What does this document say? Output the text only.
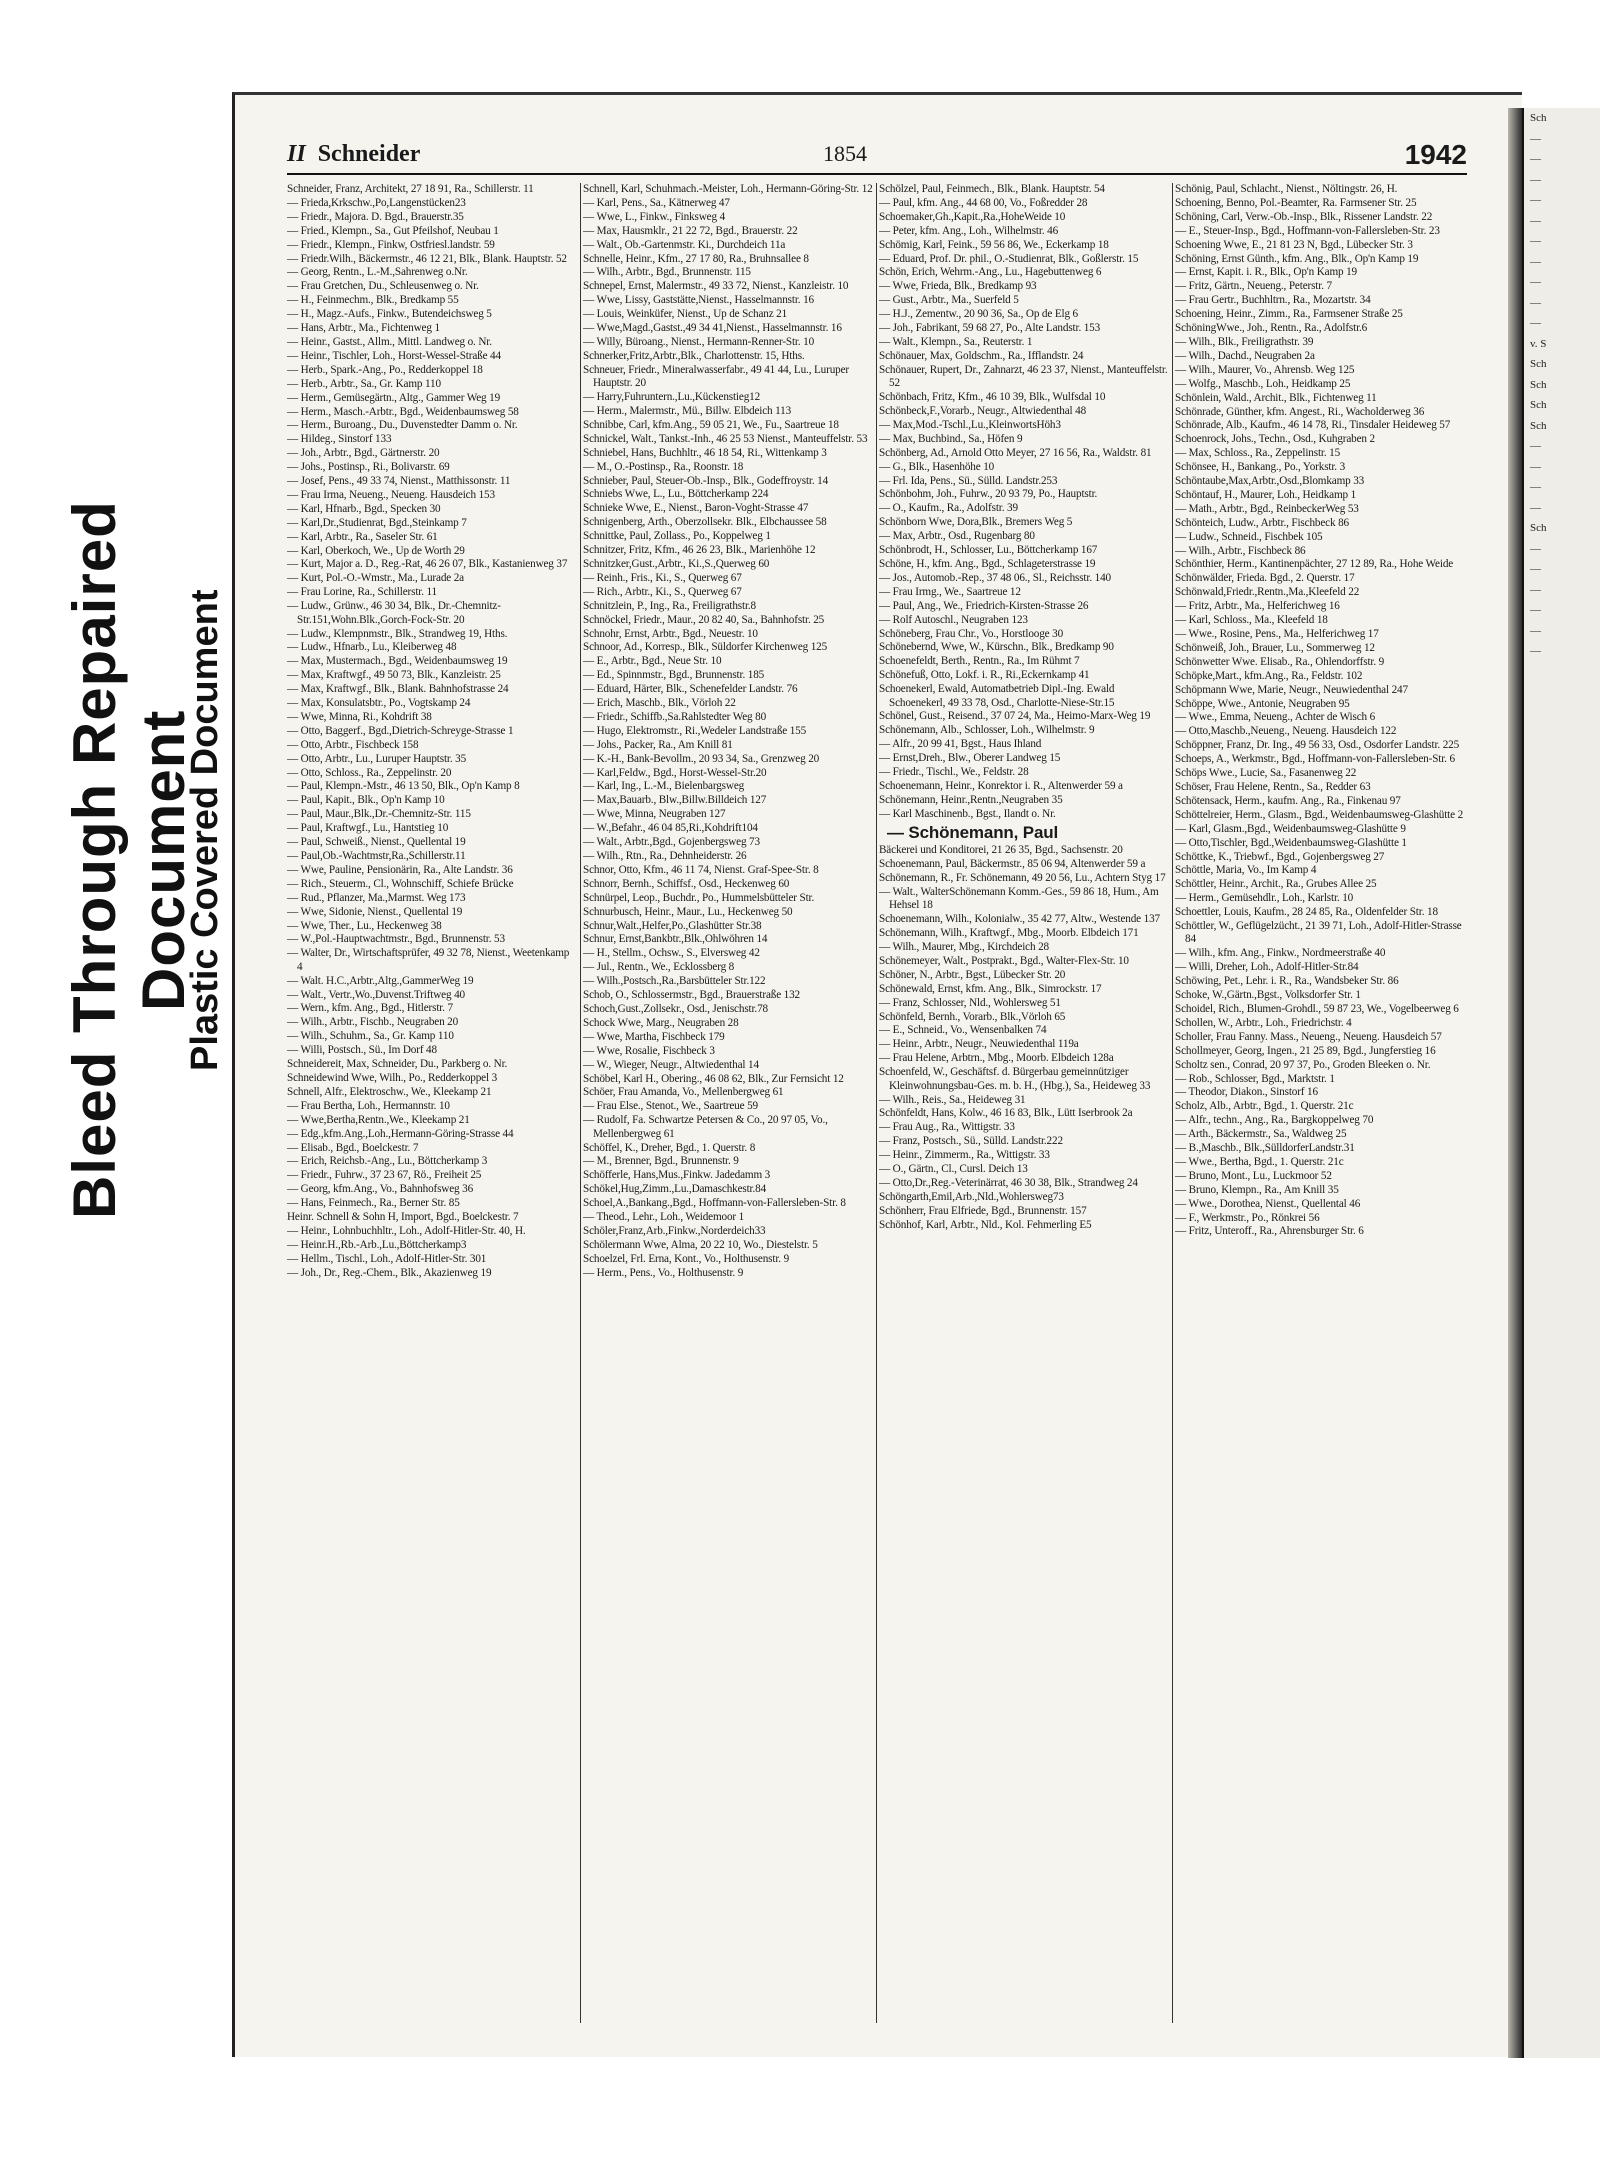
Bleed Through Repaired Document
Plastic Covered Document
II Schneider	1854	1942
Schneider, Franz, Architekt, 27 18 91, Ra., Schillerstr. 11
— Frieda,Krkschw.,Po,Langenstücken23
— Friedr., Majora. D. Bgd., Brauerstr.35
— Fried., Klempn., Sa., Gut Pfeilshof, Neubau 1
— Friedr., Klempn., Finkw, Ostfriesl.landstr. 59
— Friedr.Wilh., Bäckermstr., 46 12 21, Blk., Blank. Hauptstr. 52
— Georg, Rentn., L.-M.,Sahrenweg o.Nr.
— Frau Gretchen, Du., Schleusenweg o. Nr.
— H., Feinmechm., Blk., Bredkamp 55
— H., Magz.-Aufs., Finkw., Butendeichsweg 5
— Hans, Arbtr., Ma., Fichtenweg 1
— Heinr., Gastst., Allm., Mittl. Landweg o. Nr.
— Heinr., Tischler, Loh., Horst-Wessel-Straße 44
— Herb., Spark.-Ang., Po., Redderkoppel 18
— Herb., Arbtr., Sa., Gr. Kamp 110
— Herm., Gemüsegärtn., Altg., Gammer Weg 19
— Herm., Masch.-Arbtr., Bgd., Weidenbaumsweg 58
— Herm., Buroang., Du., Duvenstedter Damm o. Nr.
— Hildeg., Sinstorf 133
— Joh., Arbtr., Bgd., Gärtnerstr. 20
— Johs., Postinsp., Ri., Bolivarstr. 69
— Josef, Pens., 49 33 74, Nienst., Matthissonstr. 11
— Frau Irma, Neueng., Neueng. Hausdeich 153
— Karl, Hfnarb., Bgd., Specken 30
— Karl,Dr.,Studienrat, Bgd.,Steinkamp 7
— Karl, Arbtr., Ra., Saseler Str. 61
— Karl, Oberkoch, We., Up de Worth 29
— Kurt, Major a. D., Reg.-Rat, 46 26 07, Blk., Kastanienweg 37
— Kurt, Pol.-O.-Wmstr., Ma., Lurade 2a
— Frau Lorine, Ra., Schillerstr. 11
— Ludw., Grünw., 46 30 34, Blk., Dr.-Chemnitz-Str.151,Wohn.Blk.,Gorch-Fock-Str. 20
— Ludw., Klempnmstr., Blk., Strandweg 19, Hths.
— Ludw., Hfnarb., Lu., Kleiberweg 48
— Max, Mustermach., Bgd., Weidenbaumsweg 19
— Max, Kraftwgf., 49 50 73, Blk., Kanzleistr. 25
— Max, Kraftwgf., Blk., Blank. Bahnhofstrasse 24
— Max, Konsulatsbtr., Po., Vogtskamp 24
— Wwe, Minna, Ri., Kohdrift 38
— Otto, Baggerf., Bgd.,Dietrich-Schreyge-Strasse 1
— Otto, Arbtr., Fischbeck 158
— Otto, Arbtr., Lu., Luruper Hauptstr. 35
— Otto, Schloss., Ra., Zeppelinstr. 20
— Paul, Klempn.-Mstr., 46 13 50, Blk., Op'n Kamp 8
— Paul, Kapit., Blk., Op'n Kamp 10
— Paul, Maur.,Blk.,Dr.-Chemnitz-Str. 115
— Paul, Kraftwgf., Lu., Hantstieg 10
— Paul, Schweiß., Nienst., Quellental 19
— Paul,Ob.-Wachtmstr,Ra.,Schillerstr.11
— Wwe, Pauline, Pensionärin, Ra., Alte Landstr. 36
— Rich., Steuerm., Cl., Wohnschiff, Schiefe Brücke
— Rud., Pflanzer, Ma.,Marmst. Weg 173
— Wwe, Sidonie, Nienst., Quellental 19
— Wwe, Ther., Lu., Heckenweg 38
— W.,Pol.-Hauptwachtmstr., Bgd., Brunnenstr. 53
— Walter, Dr., Wirtschaftsprüfer, 49 32 78, Nienst., Weetenkamp 4
— Walt. H.C.,Arbtr.,Altg.,GammerWeg 19
— Walt., Vertr.,Wo.,Duvenst.Triftweg 40
— Wern., kfm. Ang., Bgd., Hitlerstr. 7
— Wilh., Arbtr., Fischb., Neugraben 20
— Wilh., Schuhm., Sa., Gr. Kamp 110
— Willi, Postsch., Sü., Im Dorf 48
Schneidereit, Max, Schneider, Du., Parkberg o. Nr.
Schneidewind Wwe, Wilh., Po., Redderkoppel 3
Schnell, Alfr., Elektroschw., We., Kleekamp 21
— Frau Bertha, Loh., Hermannstr. 10
— Wwe,Bertha,Rentn.,We., Kleekamp 21
— Edg.,kfm.Ang.,Loh.,Hermann-Göring-Strasse 44
— Elisab., Bgd., Boelckestr. 7
— Erich, Reichsb.-Ang., Lu., Böttcherkamp 3
— Friedr., Fuhrw., 37 23 67, Rö., Freiheit 25
— Georg, kfm.Ang., Vo., Bahnhofsweg 36
— Hans, Feinmech., Ra., Berner Str. 85
Heinr. Schnell & Sohn H, Import, Bgd., Boelckestr. 7
— Heinr., Lohnbuchhltr., Loh., Adolf-Hitler-Str. 40, H.
— Heinr.H.,Rb.-Arb.,Lu.,Böttcherkamp3
— Hellm., Tischl., Loh., Adolf-Hitler-Str. 301
— Joh., Dr., Reg.-Chem., Blk., Akazienweg 19
Schnell, Karl, Schuhmach.-Meister, Loh., Hermann-Göring-Str. 12
— Karl, Pens., Sa., Kätnerweg 47
— Wwe, L., Finkw., Finksweg 4
— Max, Hausmklr., 21 22 72, Bgd., Brauerstr. 22
— Walt., Ob.-Gartenmstr. Ki., Durchdeich 11a
Schnelle, Heinr., Kfm., 27 17 80, Ra., Bruhnsallee 8
— Wilh., Arbtr., Bgd., Brunnenstr. 115
Schnepel, Ernst, Malermstr., 49 33 72, Nienst., Kanzleistr. 10
— Wwe, Lissy, Gaststätte,Nienst., Hasselmannstr. 16
— Louis, Weinküfer, Nienst., Up de Schanz 21
— Wwe,Magd.,Gastst.,49 34 41,Nienst., Hasselmannstr. 16
— Willy, Büroang., Nienst., Hermann-Renner-Str. 10
Schnerker,Fritz,Arbtr.,Blk., Charlottenstr. 15, Hths.
Schneuer, Friedr., Mineralwasserfabr., 49 41 44, Lu., Luruper Hauptstr. 20
— Harry,Fuhruntern.,Lu.,Kückenstieg12
— Herm., Malermstr., Mü., Billw. Elbdeich 113
Schnibbe, Carl, kfm.Ang., 59 05 21, We., Fu., Saartreue 18
Schnickel, Walt., Tankst.-Inh., 46 25 53 Nienst., Manteuffelstr. 53
Schniebel, Hans, Buchhltr., 46 18 54, Ri., Wittenkamp 3
— M., O.-Postinsp., Ra., Roonstr. 18
Schnieber, Paul, Steuer-Ob.-Insp., Blk., Godeffroystr. 14
Schniebs Wwe, L., Lu., Böttcherkamp 224
Schnieke Wwe, E., Nienst., Baron-Voght-Strasse 47
Schnigenberg, Arth., Oberzollsekr. Blk., Elbchaussee 58
Schnittke, Paul, Zollass., Po., Koppelweg 1
Schnitzer, Fritz, Kfm., 46 26 23, Blk., Marienhöhe 12
Schnitzker,Gust.,Arbtr., Ki.,S.,Querweg 60
— Reinh., Fris., Ki., S., Querweg 67
— Rich., Arbtr., Ki., S., Querweg 67
Schnitzlein, P., Ing., Ra., Freiligrathstr.8
Schnöckel, Friedr., Maur., 20 82 40, Sa., Bahnhofstr. 25
Schnohr, Ernst, Arbtr., Bgd., Neuestr. 10
Schnoor, Ad., Korresp., Blk., Süldorfer Kirchenweg 125
— E., Arbtr., Bgd., Neue Str. 10
— Ed., Spinnmstr., Bgd., Brunnenstr. 185
— Eduard, Härter, Blk., Schenefelder Landstr. 76
— Erich, Maschb., Blk., Vörloh 22
— Friedr., Schiffb.,Sa.Rahlstedter Weg 80
— Hugo, Elektromstr., Ri.,Wedeler Landstraße 155
— Johs., Packer, Ra., Am Knill 81
— K.-H., Bank-Bevollm., 20 93 34, Sa., Grenzweg 20
— Karl,Feldw., Bgd., Horst-Wessel-Str.20
— Karl, Ing., L.-M., Bielenbargsweg
— Max,Bauarb., Blw.,Billw.Billdeich 127
— Wwe, Minna, Neugraben 127
— W.,Befahr., 46 04 85,Ri.,Kohdrift104
— Walt., Arbtr.,Bgd., Gojenbergsweg 73
— Wilh., Rtn., Ra., Dehnheiderstr. 26
Schnor, Otto, Kfm., 46 11 74, Nienst. Graf-Spee-Str. 8
Schnorr, Bernh., Schiffsf., Osd., Heckenweg 60
Schnürpel, Leop., Buchdr., Po., Hummelsbütteler Str.
Schnurbusch, Heinr., Maur., Lu., Heckenweg 50
Schnur,Walt.,Helfer,Po.,Glashütter Str.38
Schnur, Ernst,Bankbtr.,Blk.,Ohlwöhren 14
— H., Stellm., Ochsw., S., Elversweg 42
— Jul., Rentn., We., Ecklossberg 8
— Wilh.,Postsch.,Ra.,Barsbütteler Str.122
Schob, O., Schlossermstr., Bgd., Brauerstraße 132
Schoch,Gust.,Zollsekr., Osd., Jenischstr.78
Schock Wwe, Marg., Neugraben 28
— Wwe, Martha, Fischbeck 179
— Wwe, Rosalie, Fischbeck 3
— W., Wieger, Neugr., Altwiedenthal 14
Schöbel, Karl H., Obering., 46 08 62, Blk., Zur Fernsicht 12
Schöer, Frau Amanda, Vo., Mellenbergweg 61
— Frau Else., Stenot., We., Saartreue 59
— Rudolf, Fa. Schwartze Petersen & Co., 20 97 05, Vo., Mellenbergweg 61
Schöffel, K., Dreher, Bgd., 1. Querstr. 8
— M., Brenner, Bgd., Brunnenstr. 9
Schöfferle, Hans,Mus.,Finkw. Jadedamm 3
Schökel,Hug,Zimm.,Lu.,Damaschkestr.84
Schoel,A.,Bankang.,Bgd., Hoffmann-von-Fallersleben-Str. 8
— Theod., Lehr., Loh., Weidemoor 1
Schöler,Franz,Arb.,Finkw.,Norderdeich33
Schölermann Wwe, Alma, 20 22 10, Wo., Diestelstr. 5
Schoelzel, Frl. Erna, Kont., Vo., Holthusenstr. 9
— Herm., Pens., Vo., Holthusenstr. 9
Schölzel, Paul, Feinmech., Blk., Blank. Hauptstr. 54
— Paul, kfm. Ang., 44 68 00, Vo., Foßredder 28
Schoemaker,Gh.,Kapit.,Ra.,HoheWeide 10
— Peter, kfm. Ang., Loh., Wilhelmstr. 46
Schömig, Karl, Feink., 59 56 86, We., Eckerkamp 18
— Eduard, Prof. Dr. phil., O.-Studienrat, Blk., Goßlerstr. 15
Schön, Erich, Wehrm.-Ang., Lu., Hagebuttenweg 6
— Wwe, Frieda, Blk., Bredkamp 93
— Gust., Arbtr., Ma., Suerfeld 5
— H.J., Zementw., 20 90 36, Sa., Op de Elg 6
— Joh., Fabrikant, 59 68 27, Po., Alte Landstr. 153
— Walt., Klempn., Sa., Reuterstr. 1
Schönauer, Max, Goldschm., Ra., Ifflandstr. 24
Schönauer, Rupert, Dr., Zahnarzt, 46 23 37, Nienst., Manteuffelstr. 52
Schönbach, Fritz, Kfm., 46 10 39, Blk., Wulfsdal 10
Schönbeck,F.,Vorarb., Neugr., Altwiedenthal 48
— Max,Mod.-Tschl.,Lu.,KleinwortsHöh3
— Max, Buchbind., Sa., Höfen 9
Schönberg, Ad., Arnold Otto Meyer, 27 16 56, Ra., Waldstr. 81
— G., Blk., Hasenhöhe 10
— Frl. Ida, Pens., Sü., Sülld. Landstr.253
Schönbohm, Joh., Fuhrw., 20 93 79, Po., Hauptstr.
— O., Kaufm., Ra., Adolfstr. 39
Schönborn Wwe, Dora,Blk., Bremers Weg 5
— Max, Arbtr., Osd., Rugenbarg 80
Schönbrodt, H., Schlosser, Lu., Böttcherkamp 167
Schöne, H., kfm. Ang., Bgd., Schlageterstrasse 19
— Jos., Automob.-Rep., 37 48 06., Sl., Reichsstr. 140
— Frau Irmg., We., Saartreue 12
— Paul, Ang., We., Friedrich-Kirsten-Strasse 26
— Rolf Autoschl., Neugraben 123
Schöneberg, Frau Chr., Vo., Horstlooge 30
Schönebernd, Wwe, W., Kürschn., Blk., Bredkamp 90
Schoenefeldt, Berth., Rentn., Ra., Im Rühmt 7
Schönefuß, Otto, Lokf. i. R., Ri.,Eckernkamp 41
Schoenekerl, Ewald, Automatbetrieb Dipl.-Ing. Ewald Schoenekerl, 49 33 78, Osd., Charlotte-Niese-Str.15
Schönel, Gust., Reisend., 37 07 24, Ma., Heimo-Marx-Weg 19
Schönemann, Alb., Schlosser, Loh., Wilhelmstr. 9
— Alfr., 20 99 41, Bgst., Haus Ihland
— Ernst,Dreh., Blw., Oberer Landweg 15
— Friedr., Tischl., We., Feldstr. 28
Schoenemann, Heinr., Konrektor i. R., Altenwerder 59 a
Schönemann, Heinr.,Rentn.,Neugraben 35
— Karl Maschinenb., Bgst., Ilandt o. Nr.
— Schönemann, Paul
Bäckerei und Konditorei, 21 26 35, Bgd., Sachsenstr. 20
Schoenemann, Paul, Bäckermstr., 85 06 94, Altenwerder 59 a
Schönemann, R., Fr. Schönemann, 49 20 56, Lu., Achtern Styg 17
— Walt., WalterSchönemann Komm.-Ges., 59 86 18, Hum., Am Hehsel 18
Schoenemann, Wilh., Kolonialw., 35 42 77, Altw., Westende 137
Schönemann, Wilh., Kraftwgf., Mbg., Moorb. Elbdeich 171
— Wilh., Maurer, Mbg., Kirchdeich 28
Schönemeyer, Walt., Postprakt., Bgd., Walter-Flex-Str. 10
Schöner, N., Arbtr., Bgst., Lübecker Str. 20
Schönewald, Ernst, kfm. Ang., Blk., Simrockstr. 17
— Franz, Schlosser, Nld., Wohlersweg 51
Schönfeld, Bernh., Vorarb., Blk.,Vörloh 65
— E., Schneid., Vo., Wensenbalken 74
— Heinr., Arbtr., Neugr., Neuwiedenthal 119a
— Frau Helene, Arbtrn., Mbg., Moorb. Elbdeich 128a
Schoenfeld, W., Geschäftsf. d. Bürgerbau gemeinnütziger Kleinwohnungsbau-Ges. m. b. H., (Hbg.), Sa., Heideweg 33
— Wilh., Reis., Sa., Heideweg 31
Schönfeldt, Hans, Kolw., 46 16 83, Blk., Lütt Iserbrook 2a
— Frau Aug., Ra., Wittigstr. 33
— Franz, Postsch., Sü., Sülld. Landstr.222
— Heinr., Zimmerm., Ra., Wittigstr. 33
— O., Gärtn., Cl., Cursl. Deich 13
— Otto,Dr.,Reg.-Veterinärrat, 46 30 38, Blk., Strandweg 24
Schöngarth,Emil,Arb.,Nld.,Wohlersweg73
Schönherr, Frau Elfriede, Bgd., Brunnenstr. 157
Schönhof, Karl, Arbtr., Nld., Kol. Fehmerling E5
Schönig, Paul, Schlacht., Nienst., Nöltingstr. 26, H.
Schoening, Benno, Pol.-Beamter, Ra. Farmsener Str. 25
Schöning, Carl, Verw.-Ob.-Insp., Blk., Rissener Landstr. 22
— E., Steuer-Insp., Bgd., Hoffmann-von-Fallersleben-Str. 23
Schoening Wwe, E., 21 81 23 N, Bgd., Lübecker Str. 3
Schöning, Ernst Günth., kfm. Ang., Blk., Op'n Kamp 19
— Ernst, Kapit. i. R., Blk., Op'n Kamp 19
— Fritz, Gärtn., Neueng., Peterstr. 7
— Frau Gertr., Buchhltrn., Ra., Mozartstr. 34
Schoening, Heinr., Zimm., Ra., Farmsener Straße 25
SchöningWwe., Joh., Rentn., Ra., Adolfstr.6
— Wilh., Blk., Freiligrathstr. 39
— Wilh., Dachd., Neugraben 2a
— Wilh., Maurer, Vo., Ahrensb. Weg 125
— Wolfg., Maschb., Loh., Heidkamp 25
Schönlein, Wald., Archit., Blk., Fichtenweg 11
Schönrade, Günther, kfm. Angest., Ri., Wacholderweg 36
Schönrade, Alb., Kaufm., 46 14 78, Ri., Tinsdaler Heideweg 57
Schoenrock, Johs., Techn., Osd., Kuhgraben 2
— Max, Schloss., Ra., Zeppelinstr. 15
Schönsee, H., Bankang., Po., Yorkstr. 3
Schöntaube,Max,Arbtr.,Osd.,Blomkamp 33
Schöntauf, H., Maurer, Loh., Heidkamp 1
— Math., Arbtr., Bgd., ReinbeckerWeg 53
Schönteich, Ludw., Arbtr., Fischbeck 86
— Ludw., Schneid., Fischbek 105
— Wilh., Arbtr., Fischbeck 86
Schönthier, Herm., Kantinenpächter, 27 12 89, Ra., Hohe Weide
Schönwälder, Frieda. Bgd., 2. Querstr. 17
Schönwald,Friedr.,Rentn.,Ma.,Kleefeld 22
— Fritz, Arbtr., Ma., Helferichweg 16
— Karl, Schloss., Ma., Kleefeld 18
— Wwe., Rosine, Pens., Ma., Helferichweg 17
Schönweiß, Joh., Brauer, Lu., Sommerweg 12
Schönwetter Wwe. Elisab., Ra., Ohlendorffstr. 9
Schöpke,Mart., kfm.Ang., Ra., Feldstr. 102
Schöpmann Wwe, Marie, Neugr., Neuwiedenthal 247
Schöppe, Wwe., Antonie, Neugraben 95
— Wwe., Emma, Neueng., Achter de Wisch 6
— Otto,Maschb.,Neueng., Neueng. Hausdeich 122
Schöppner, Franz, Dr. Ing., 49 56 33, Osd., Osdorfer Landstr. 225
Schoeps, A., Werkmstr., Bgd., Hoffmann-von-Fallersleben-Str. 6
Schöps Wwe., Lucie, Sa., Fasanenweg 22
Schöser, Frau Helene, Rentn., Sa., Redder 63
Schötensack, Herm., kaufm. Ang., Ra., Finkenau 97
Schöttelreier, Herm., Glasm., Bgd., Weidenbaumsweg-Glashütte 2
— Karl, Glasm.,Bgd., Weidenbaumsweg-Glashütte 9
— Otto,Tischler, Bgd.,Weidenbaumsweg-Glashütte 1
Schöttke, K., Triebwf., Bgd., Gojenbergsweg 27
Schöttle, Maria, Vo., Im Kamp 4
Schöttler, Heinr., Archit., Ra., Grubes Allee 25
— Herm., Gemüsehdlr., Loh., Karlstr. 10
Schoettler, Louis, Kaufm., 28 24 85, Ra., Oldenfelder Str. 18
Schöttler, W., Geflügelzücht., 21 39 71, Loh., Adolf-Hitler-Strasse 84
— Wilh., kfm. Ang., Finkw., Nordmeerstraße 40
— Willi, Dreher, Loh., Adolf-Hitler-Str.84
Schöwing, Pet., Lehr. i. R., Ra., Wandsbeker Str. 86
Schoke, W.,Gärtn.,Bgst., Volksdorfer Str. 1
Schoidel, Rich., Blumen-Grohdl., 59 87 23, We., Vogelbeerweg 6
Schollen, W., Arbtr., Loh., Friedrichstr. 4
Scholler, Frau Fanny. Mass., Neueng., Neueng. Hausdeich 57
Schollmeyer, Georg, Ingen., 21 25 89, Bgd., Jungferstieg 16
Scholtz sen., Conrad, 20 97 37, Po., Groden Bleeken o. Nr.
— Rob., Schlosser, Bgd., Marktstr. 1
— Theodor, Diakon., Sinstorf 16
Scholz, Alb., Arbtr., Bgd., 1. Querstr. 21c
— Alfr., techn., Ang., Ra., Bargkoppelweg 70
— Arth., Bäckermstr., Sa., Waldweg 25
— B.,Maschb., Blk.,SülldorferLandstr.31
— Wwe., Bertha, Bgd., 1. Querstr. 21c
— Bruno, Mont., Lu., Luckmoor 52
— Bruno, Klempn., Ra., Am Knill 35
— Wwe., Dorothea, Nienst., Quellental 46
— F., Werkmstr., Po., Rönkrei 56
— Fritz, Unteroff., Ra., Ahrensburger Str. 6
Sch
—
—
—
—
—
—
—
—
—
—
v. S
Sch
Sch
Sch
Sch
—
—
—
—
Sch
—
—
—
—
—
—
